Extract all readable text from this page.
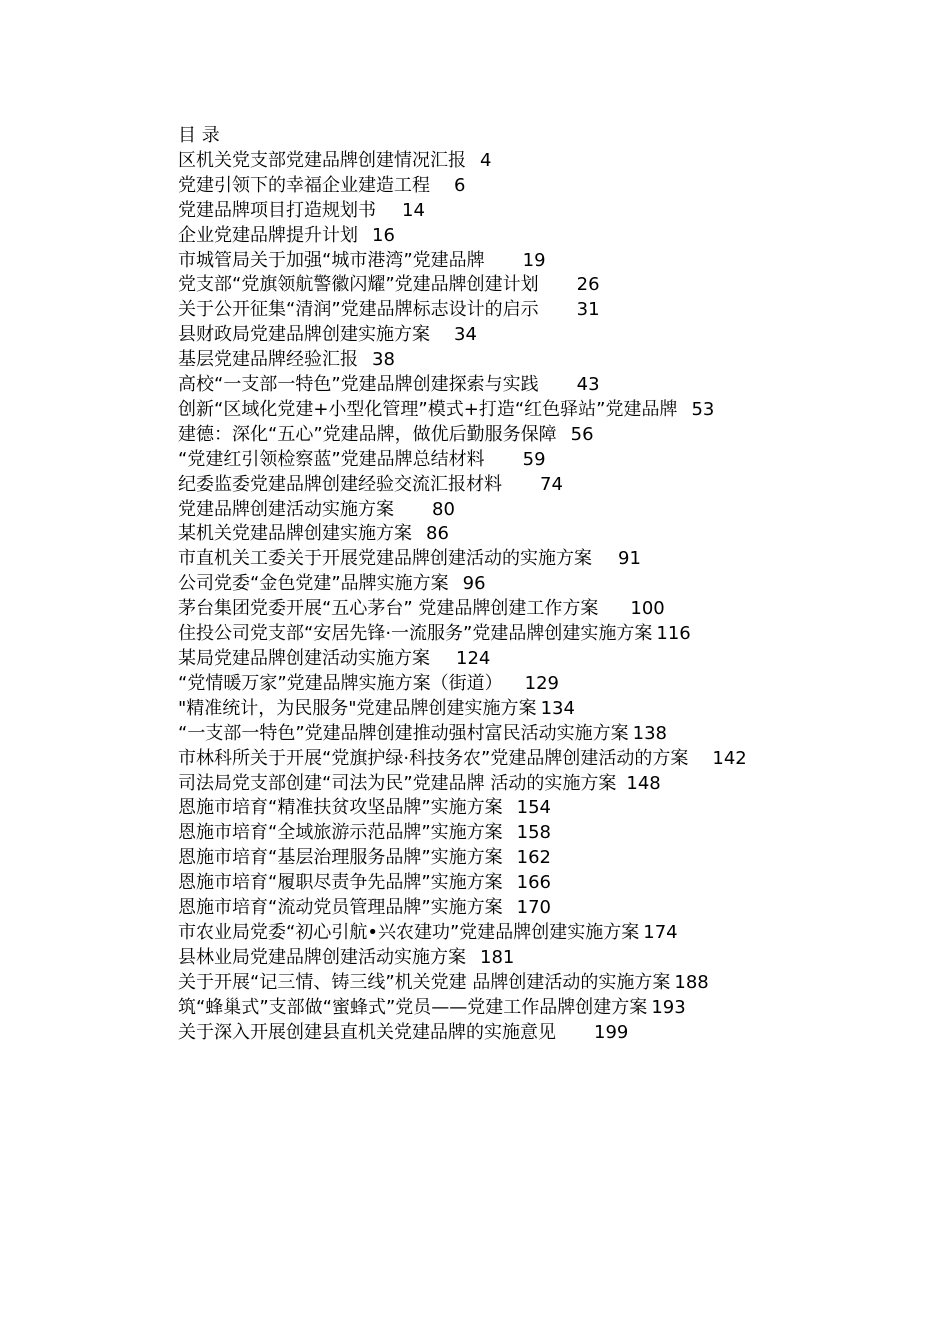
目 录
区机关党支部党建品牌创建情况汇报 4
党建引领下的幸福企业建造工程 6
党建品牌项目打造规划书 14
企业党建品牌提升计划 16
市城管局关于加强“城市港湾”党建品牌 19
党支部“党旗领航警徽闪耀”党建品牌创建计划 26
关于公开征集“清润”党建品牌标志设计的启示 31
县财政局党建品牌创建实施方案 34
基层党建品牌经验汇报 38
高校“一支部一特色”党建品牌创建探索与实践 43
创新“区域化党建+小型化管理”模式+打造“红色驿站”党建品牌 53
建德：深化“五心”党建品牌，做优后勤服务保障 56
“党建红引领检察蓝”党建品牌总结材料 59
纪委监委党建品牌创建经验交流汇报材料 74
党建品牌创建活动实施方案 80
某机关党建品牌创建实施方案 86
市直机关工委关于开展党建品牌创建活动的实施方案 91
公司党委“金色党建”品牌实施方案 96
茅台集团党委开展“五心茅台” 党建品牌创建工作方案 100
住投公司党支部“安居先锋·一流服务”党建品牌创建实施方案 116
某局党建品牌创建活动实施方案 124
“党情暖万家”党建品牌实施方案（街道） 129
"精准统计，为民服务"党建品牌创建实施方案 134
“一支部一特色”党建品牌创建推动强村富民活动实施方案 138
市林科所关于开展“党旗护绿·科技务农”党建品牌创建活动的方案 142
司法局党支部创建“司法为民”党建品牌 活动的实施方案 148
恩施市培育“精准扶贫攻坚品牌”实施方案 154
恩施市培育“全域旅游示范品牌”实施方案 158
恩施市培育“基层治理服务品牌”实施方案 162
恩施市培育“履职尽责争先品牌”实施方案 166
恩施市培育“流动党员管理品牌”实施方案 170
市农业局党委“初心引航•兴农建功”党建品牌创建实施方案 174
县林业局党建品牌创建活动实施方案 181
关于开展“记三情、铸三线”机关党建 品牌创建活动的实施方案 188
筑“蜂巢式”支部做“蜜蜂式”党员——党建工作品牌创建方案 193
关于深入开展创建县直机关党建品牌的实施意见 199
